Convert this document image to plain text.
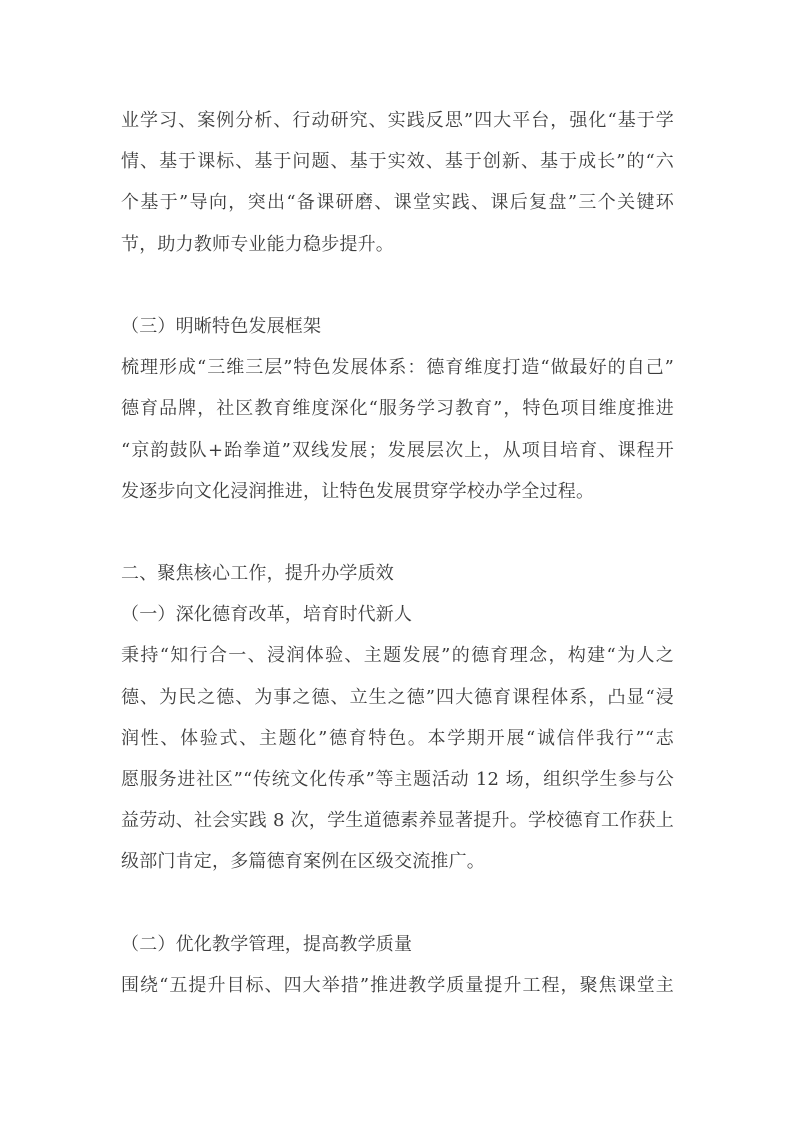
业学习、案例分析、行动研究、实践反思”四大平台，强化“基于学
情、基于课标、基于问题、基于实效、基于创新、基于成长”的“六
个基于”导向，突出“备课研磨、课堂实践、课后复盘”三个关键环
节，助力教师专业能力稳步提升。
（三）明晰特色发展框架
梳理形成“三维三层”特色发展体系：德育维度打造“做最好的自己”
德育品牌，社区教育维度深化“服务学习教育”，特色项目维度推进
“京韵鼓队+跆拳道”双线发展；发展层次上，从项目培育、课程开
发逐步向文化浸润推进，让特色发展贯穿学校办学全过程。
二、聚焦核心工作，提升办学质效
（一）深化德育改革，培育时代新人
秉持“知行合一、浸润体验、主题发展”的德育理念，构建“为人之
德、为民之德、为事之德、立生之德”四大德育课程体系，凸显“浸
润性、体验式、主题化”德育特色。本学期开展“诚信伴我行”“志
愿服务进社区”“传统文化传承”等主题活动 12 场，组织学生参与公
益劳动、社会实践 8 次，学生道德素养显著提升。学校德育工作获上
级部门肯定，多篇德育案例在区级交流推广。
（二）优化教学管理，提高教学质量
围绕“五提升目标、四大举措”推进教学质量提升工程，聚焦课堂主
